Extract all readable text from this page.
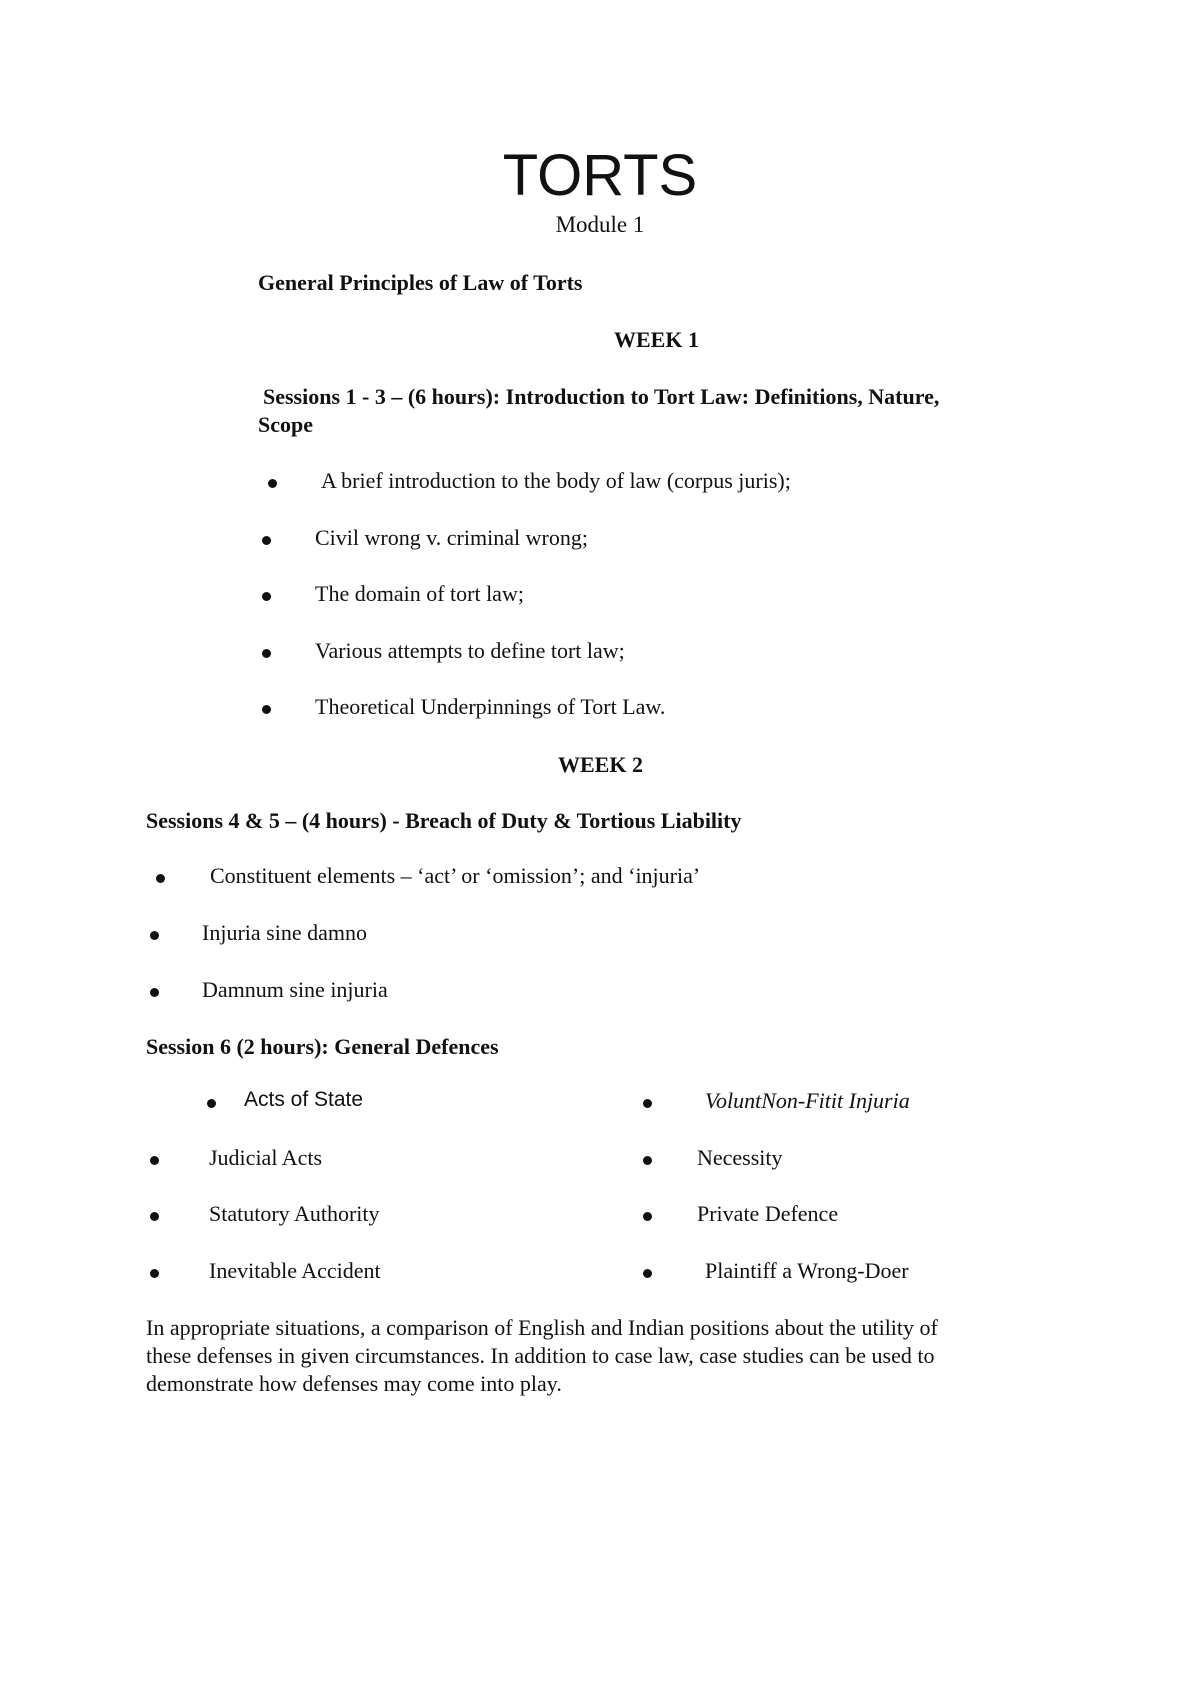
TORTS
Module 1
General Principles of Law of Torts
WEEK 1
Sessions 1 - 3 – (6 hours): Introduction to Tort Law: Definitions, Nature,
Scope
A brief introduction to the body of law (corpus juris);
Civil wrong v. criminal wrong;
The domain of tort law;
Various attempts to define tort law;
Theoretical Underpinnings of Tort Law.
WEEK 2
Sessions 4 & 5 – (4 hours) - Breach of Duty & Tortious Liability
Constituent elements – ‘act’ or ‘omission’; and ‘injuria’
Injuria sine damno
Damnum sine injuria
Session 6 (2 hours): General Defences
Acts of State
Judicial Acts
Statutory Authority
Inevitable Accident
VoluntNon-Fitit Injuria
Necessity
Private Defence
Plaintiff a Wrong-Doer
In appropriate situations, a comparison of English and Indian positions about the utility of
these defenses in given circumstances. In addition to case law, case studies can be used to
demonstrate how defenses may come into play.
